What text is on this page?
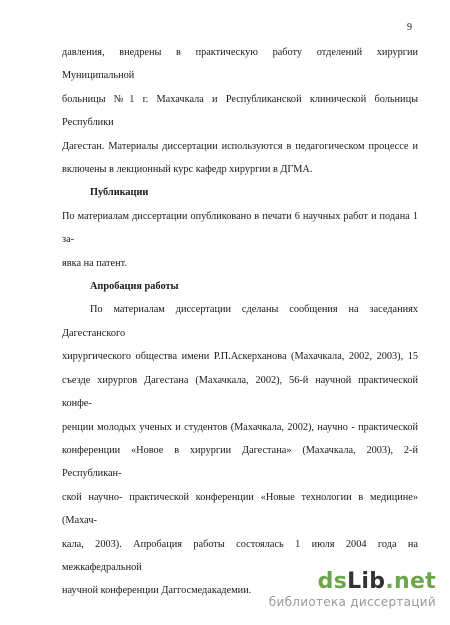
9

давления, внедрены в практическую работу отделений хирургии Муниципальной

больницы №1 г. Махачкала и Республиканской клинической больницы Республики

Дагестан. Материалы диссертации используются в педагогическом процессе и

включены в лекционный курс кафедр хирургии в ДГМА.

Публикации

По материалам диссертации опубликовано в печати 6 научных работ и подана 1 за-

явка на патент.

Апробация работы

По материалам диссертации сделаны сообщения на заседаниях Дагестанского

хирургического общества имени Р.П.Аскерханова (Махачкала, 2002, 2003), 15

съезде хирургов Дагестана (Махачкала, 2002), 56-й научной практической конфе-

ренции молодых ученых и студентов (Махачкала, 2002), научно - практической

конференции «Новое в хирургии Дагестана» (Махачкала, 2003), 2-й Республикан-

ской научно- практической конференции «Новые технологии в медицине» (Махач-

кала, 2003). Апробация работы состоялась 1 июля 2004 года на межкафедральной

научной конференции Даггосмедакадемии.	dsLib.net
библиотека диссертаций
